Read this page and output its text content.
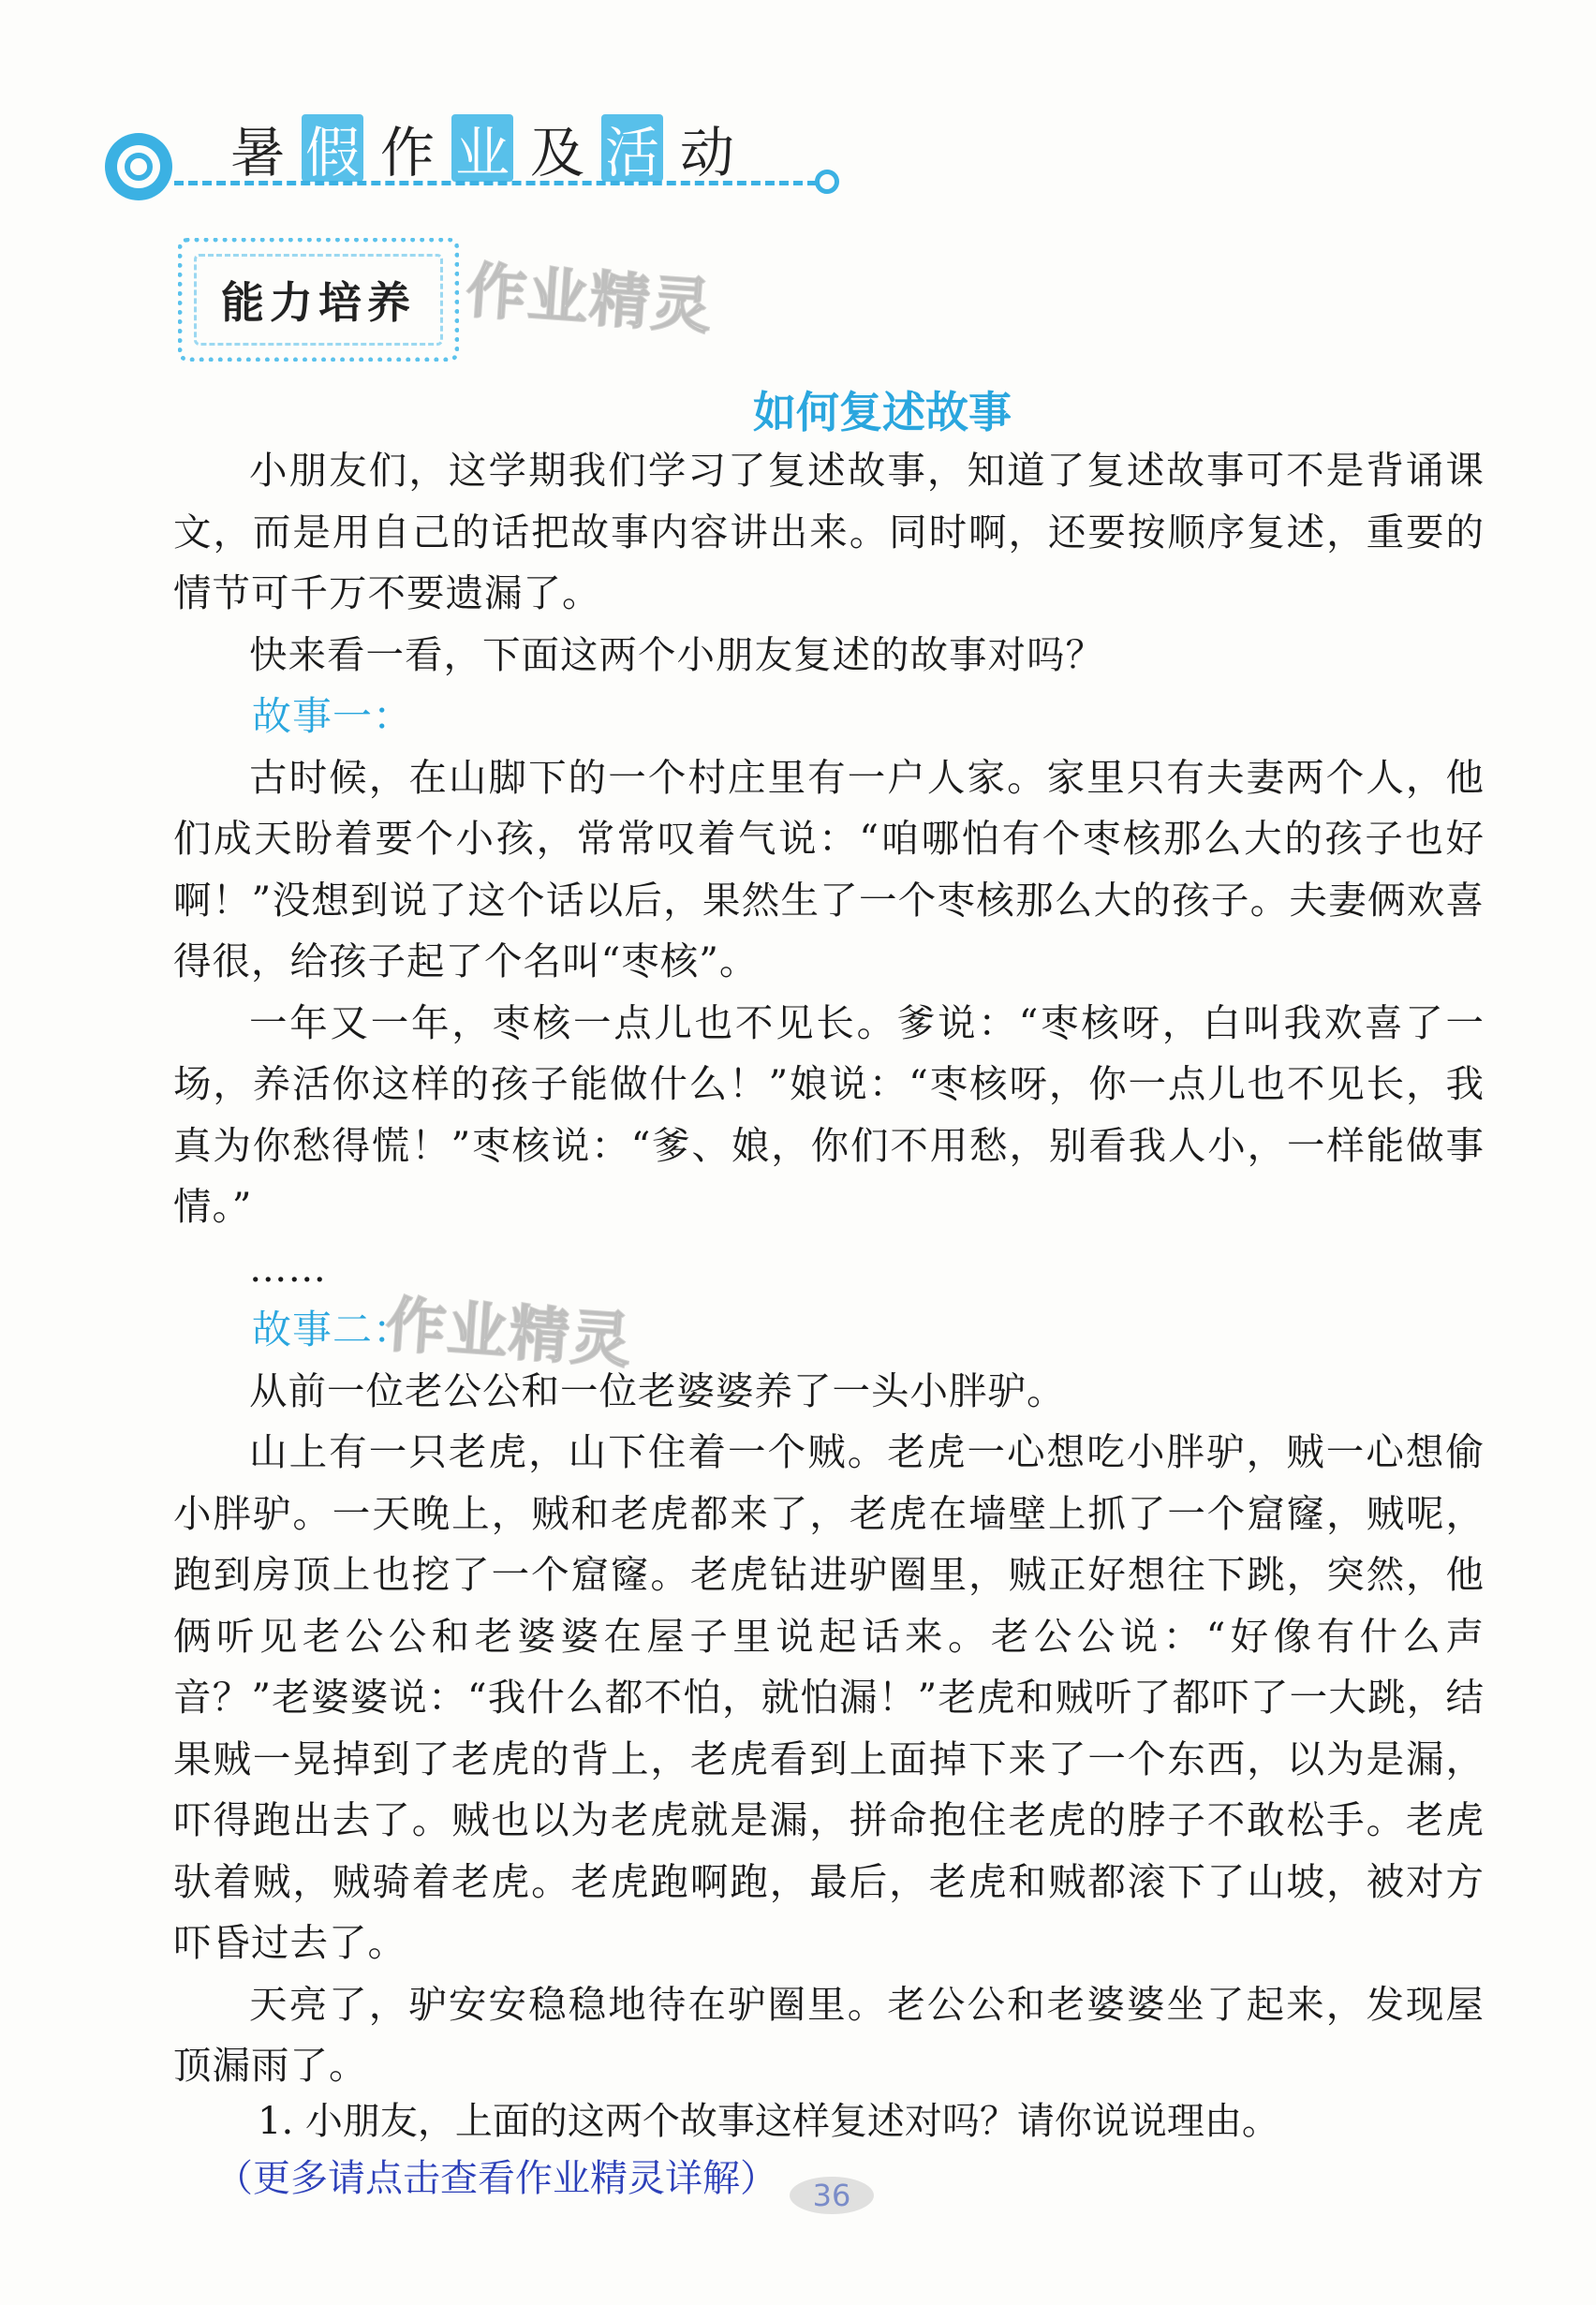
暑 假 作 业 及 活 动
能力培养 作业精灵
如何复述故事

小朋友们，这学期我们学习了复述故事，知道了复述故事可不是背诵课文，而是用自己的话把故事内容讲出来。同时啊，还要按顺序复述，重要的情节可千万不要遗漏了。

快来看一看，下面这两个小朋友复述的故事对吗？

故事一：

古时候，在山脚下的一个村庄里有一户人家。家里只有夫妻两个人，他们成天盼着要个小孩，常常叹着气说：“咱哪怕有个枣核那么大的孩子也好啊！”没想到说了这个话以后，果然生了一个枣核那么大的孩子。夫妻俩欢喜得很，给孩子起了个名叫“枣核”。

一年又一年，枣核一点儿也不见长。爹说：“枣核呀，白叫我欢喜了一场，养活你这样的孩子能做什么！”娘说：“枣核呀，你一点儿也不见长，我真为你愁得慌！”枣核说：“爹、娘，你们不用愁，别看我人小，一样能做事情。”

……

故事二：

从前一位老公公和一位老婆婆养了一头小胖驴。

山上有一只老虎，山下住着一个贼。老虎一心想吃小胖驴，贼一心想偷小胖驴。一天晚上，贼和老虎都来了，老虎在墙壁上抓了一个窟窿，贼呢，跑到房顶上也挖了一个窟窿。老虎钻进驴圈里，贼正好想往下跳，突然，他俩听见老公公和老婆婆在屋子里说起话来。老公公说：“好像有什么声音？”老婆婆说：“我什么都不怕，就怕漏！”老虎和贼听了都吓了一大跳，结果贼一晃掉到了老虎的背上，老虎看到上面掉下来了一个东西，以为是漏，吓得跑出去了。贼也以为老虎就是漏，拼命抱住老虎的脖子不敢松手。老虎驮着贼，贼骑着老虎。老虎跑啊跑，最后，老虎和贼都滚下了山坡，被对方吓昏过去了。

天亮了，驴安安稳稳地待在驴圈里。老公公和老婆婆坐了起来，发现屋顶漏雨了。

作业精灵
1. 小朋友，上面的这两个故事这样复述对吗？请你说说理由。
（更多请点击查看作业精灵详解）	36
